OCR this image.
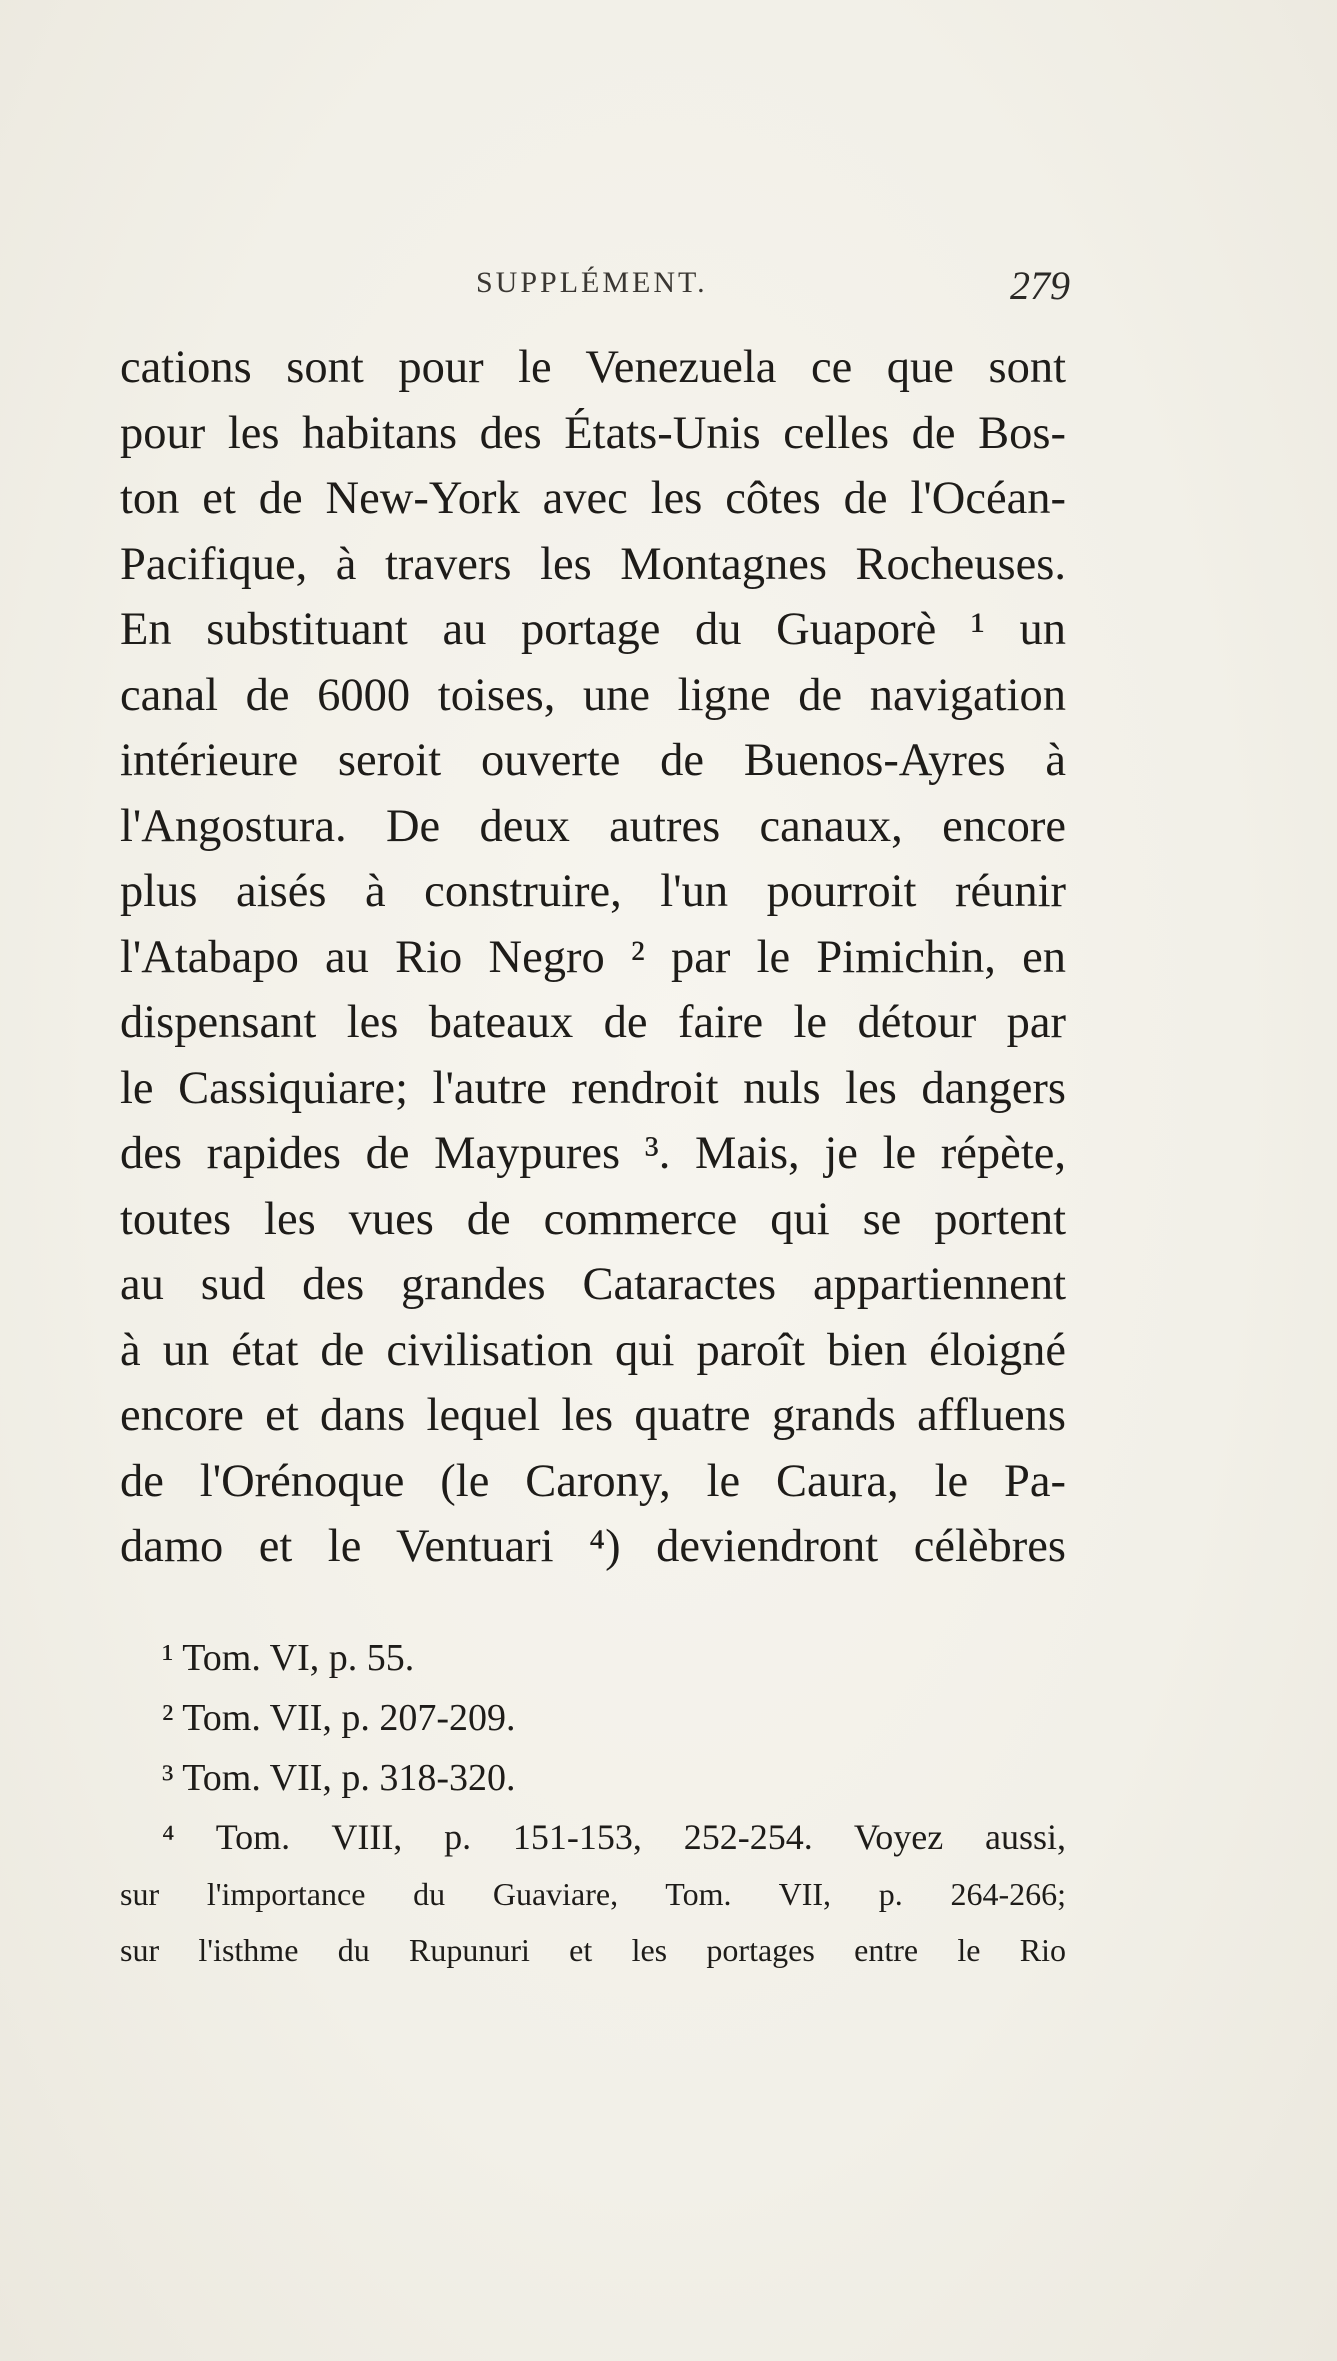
SUPPLÉMENT.	279
cations sont pour le Venezuela ce que sont
pour les habitans des États-Unis celles de Bos-
ton et de New-York avec les côtes de l'Océan-
Pacifique, à travers les Montagnes Rocheuses.
En substituant au portage du Guaporè ¹ un
canal de 6000 toises, une ligne de navigation
intérieure seroit ouverte de Buenos-Ayres à
l'Angostura. De deux autres canaux, encore
plus aisés à construire, l'un pourroit réunir
l'Atabapo au Rio Negro ² par le Pimichin, en
dispensant les bateaux de faire le détour par
le Cassiquiare; l'autre rendroit nuls les dangers
des rapides de Maypures ³. Mais, je le répète,
toutes les vues de commerce qui se portent
au sud des grandes Cataractes appartiennent
à un état de civilisation qui paroît bien éloigné
encore et dans lequel les quatre grands affluens
de l'Orénoque (le Carony, le Caura, le Pa-
damo et le Ventuari ⁴) deviendront célèbres
¹ Tom. VI, p. 55.
² Tom. VII, p. 207-209.
³ Tom. VII, p. 318-320.
⁴ Tom. VIII, p. 151-153, 252-254. Voyez aussi,
sur l'importance du Guaviare, Tom. VII, p. 264-266;
sur l'isthme du Rupunuri et les portages entre le Rio
